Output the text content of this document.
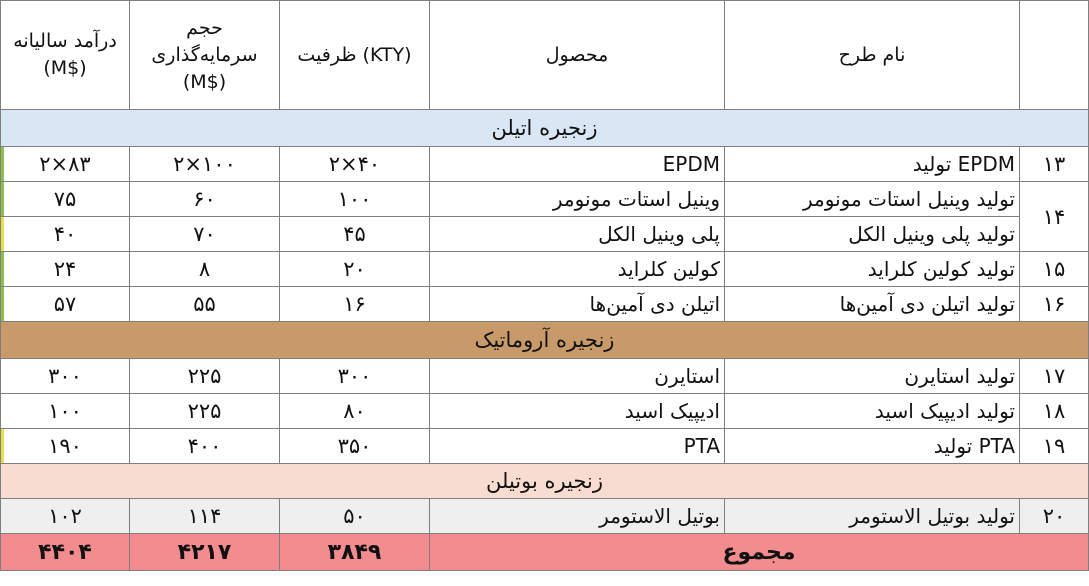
درآمد سالیانه (M$)	حجم سرمایه‌گذاری (M$)	ظرفیت (KTY)	محصول	نام طرح	
زنجیره اتیلن					
۲×۸۳	۲×۱۰۰	۲×۴۰	EPDM	تولید EPDM	۱۳
۷۵	۶۰	۱۰۰	وینیل استات مونومر	تولید وینیل استات مونومر	۱۴
۴۰	۷۰	۴۵	پلی وینیل الکل	تولید پلی وینیل الکل	
۲۴	۸	۲۰	کولین کلراید	تولید کولین کلراید	۱۵
۵۷	۵۵	۱۶	اتیلن دی آمین‌ها	تولید اتیلن دی آمین‌ها	۱۶
زنجیره آروماتیک					
۳۰۰	۲۲۵	۳۰۰	استایرن	تولید استایرن	۱۷
۱۰۰	۲۲۵	۸۰	ادیپیک اسید	تولید ادیپیک اسید	۱۸
۱۹۰	۴۰۰	۳۵۰	PTA	تولید PTA	۱۹
زنجیره بوتیلن					
۱۰۲	۱۱۴	۵۰	بوتیل الاستومر	تولید بوتیل الاستومر	۲۰
۴۴۰۴	۴۲۱۷	۳۸۴۹	مجموع		
